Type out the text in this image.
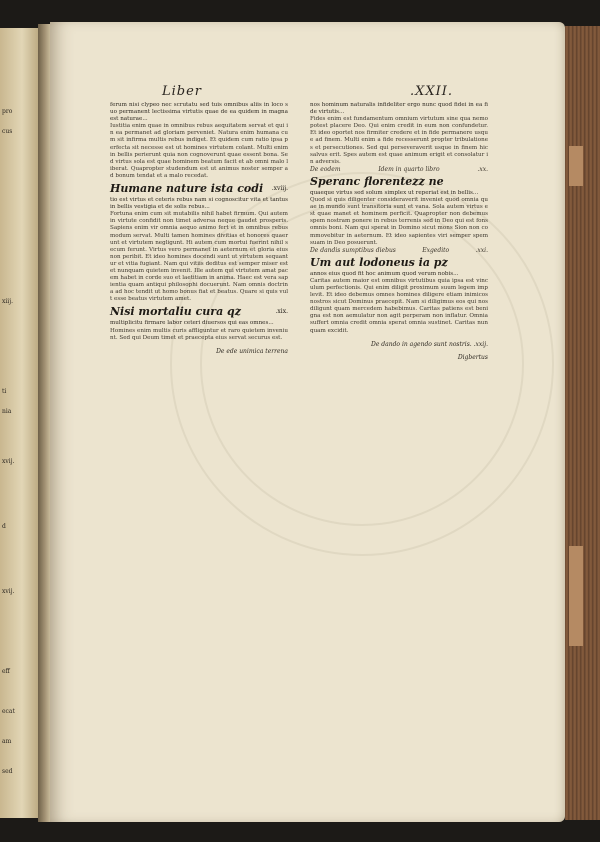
pro
cus
xiij.
ti
nia
xvij.
d
xvij.
eff
ecat
am
sed
Liber	.XXII.

ferum nisi clypeo nec scrutatu sed tuis omnibus aliis in loco suo permanent lectissima virtutis quae de ea quidem in magna est naturae...

Iustitia enim quae in omnibus rebus aequitatem servat et qui in ea permanet ad gloriam perveniet. Natura enim humana cum sit infirma multis rebus indiget. Et quidem cum ratio ipsa perfecta sit necesse est ut homines virtutem colant. Multi enim in bellis perierunt quia non cognoverunt quae essent bona. Sed virtus sola est quae hominem beatum facit et ab omni malo liberat. Quapropter studendum est ut animus noster semper ad bonum tendat et a malo recedat.

Humane nature ista codi .xviij.

tio est virtus et ceteris rebus nam si cognoscitur vita et tantus in bellis vestigia et de solis rebus...

Fortuna enim cum sit mutabilis nihil habet firmum. Qui autem in virtute confidit non timet adversa neque gaudet prosperis. Sapiens enim vir omnia aequo animo fert et in omnibus rebus modum servat. Multi tamen homines divitias et honores quaerunt et virtutem negligunt. Hi autem cum mortui fuerint nihil secum ferunt. Virtus vero permanet in aeternum et gloria eius non peribit. Et ideo homines docendi sunt ut virtutem sequantur et vitia fugiant. Nam qui vitiis deditus est semper miser est et nunquam quietem invenit. Ille autem qui virtutem amat pacem habet in corde suo et laetitiam in anima. Haec est vera sapientia quam antiqui philosophi docuerunt. Nam omnis doctrina ad hoc tendit ut homo bonus fiat et beatus. Quare si quis vult esse beatus virtutem amet.

Nisi mortaliu cura qz	.xix.

multiplicitu firmare labor ceteri diuersos qui eas omnes...

Homines enim multis curis affliguntur et raro quietem inveniunt. Sed qui Deum timet et praecepta eius servat securus est.

De ede unimica terrena

nos hominum naturalis infideliter ergo nunc quod fidei in ea fide virtutis...

Fides enim est fundamentum omnium virtutum sine qua nemo potest placere Deo. Qui enim credit in eum non confundetur. Et ideo oportet nos firmiter credere et in fide permanere usque ad finem. Multi enim a fide recesserunt propter tribulationes et persecutiones. Sed qui perseveraverit usque in finem hic salvus erit. Spes autem est quae animum erigit et consolatur in adversis.

De eodem	Idem in quarto libro	.xx.
Speranc florentezz ne

quaeque virtus sed solum simplex ut reperiat est in bellis...

Quod si quis diligenter consideraverit inveniet quod omnia quae in mundo sunt transitoria sunt et vana. Sola autem virtus est quae manet et hominem perficit. Quapropter non debemus spem nostram ponere in rebus terrenis sed in Deo qui est fons omnis boni. Nam qui sperat in Domino sicut mons Sion non commovebitur in aeternum. Et ideo sapientes viri semper spem suam in Deo posuerunt.

De dandis sumptibus diebus	Exgedito	.xxi.
Um aut lodoneus ia pz

annos eius quod fit hoc animum quod verum nobis...

Caritas autem maior est omnibus virtutibus quia ipsa est vinculum perfectionis. Qui enim diligit proximum suum legem implevit. Et ideo debemus omnes homines diligere etiam inimicos nostros sicut Dominus praecepit. Nam si diligimus eos qui nos diligunt quam mercedem habebimus. Caritas patiens est benigna est non aemulatur non agit perperam non inflatur. Omnia suffert omnia credit omnia sperat omnia sustinet. Caritas nunquam excidit.

De dando in agendo sunt nostris. .xxij.
Digbertus
